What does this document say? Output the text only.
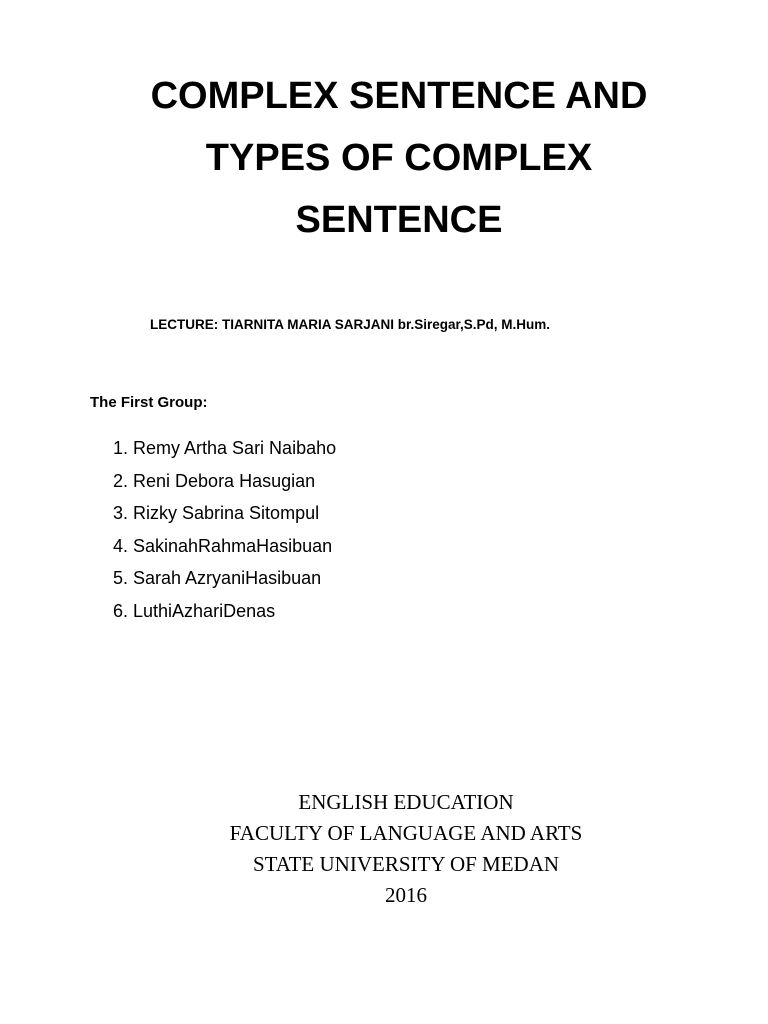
COMPLEX SENTENCE AND
TYPES OF COMPLEX
SENTENCE
LECTURE: TIARNITA MARIA SARJANI br.Siregar,S.Pd, M.Hum.
The First Group:
1. Remy Artha Sari Naibaho
2. Reni Debora Hasugian
3. Rizky Sabrina Sitompul
4. SakinahRahmaHasibuan
5. Sarah AzryaniHasibuan
6. LuthiAzhariDenas
ENGLISH EDUCATION
FACULTY OF LANGUAGE AND ARTS
STATE UNIVERSITY OF MEDAN
2016
